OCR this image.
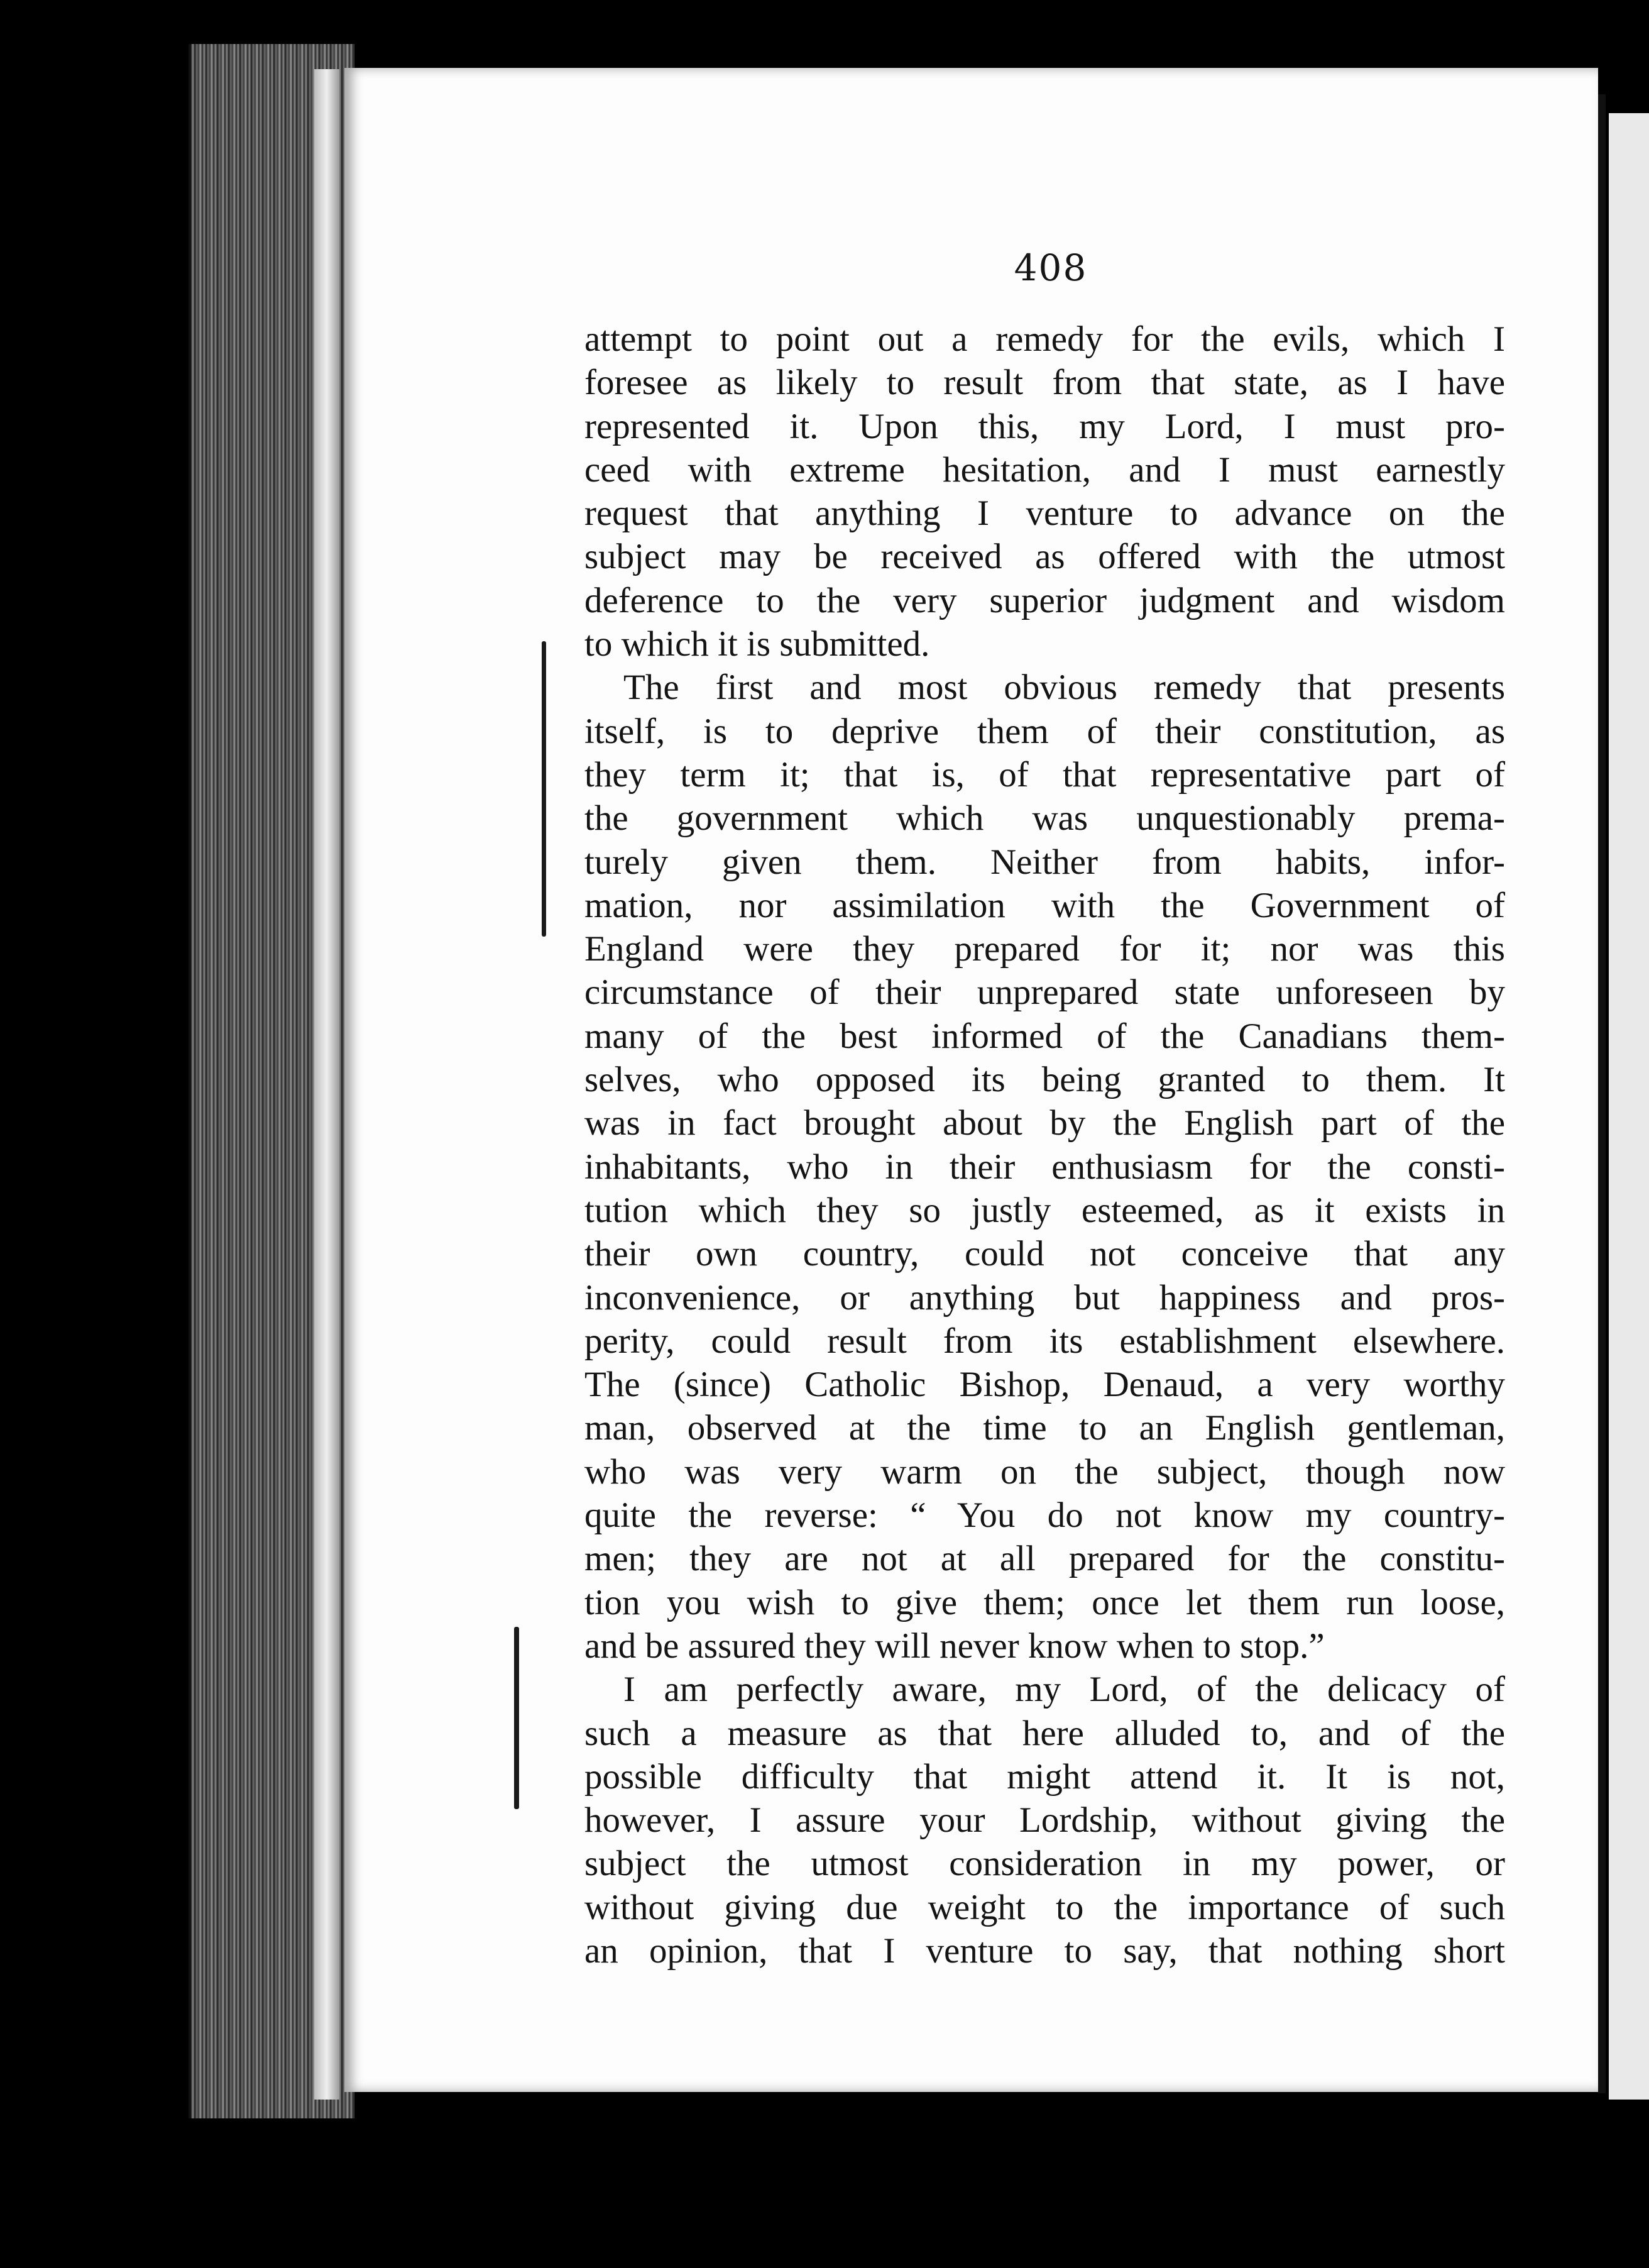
408
attempt to point out a remedy for the evils, which I
foresee as likely to result from that state, as I have
represented it. Upon this, my Lord, I must pro-
ceed with extreme hesitation, and I must earnestly
request that anything I venture to advance on the
subject may be received as offered with the utmost
deference to the very superior judgment and wisdom
to which it is submitted.
The first and most obvious remedy that presents
itself, is to deprive them of their constitution, as
they term it; that is, of that representative part of
the government which was unquestionably prema-
turely given them. Neither from habits, infor-
mation, nor assimilation with the Government of
England were they prepared for it; nor was this
circumstance of their unprepared state unforeseen by
many of the best informed of the Canadians them-
selves, who opposed its being granted to them. It
was in fact brought about by the English part of the
inhabitants, who in their enthusiasm for the consti-
tution which they so justly esteemed, as it exists in
their own country, could not conceive that any
inconvenience, or anything but happiness and pros-
perity, could result from its establishment elsewhere.
The (since) Catholic Bishop, Denaud, a very worthy
man, observed at the time to an English gentleman,
who was very warm on the subject, though now
quite the reverse: “ You do not know my country-
men; they are not at all prepared for the constitu-
tion you wish to give them; once let them run loose,
and be assured they will never know when to stop.”
I am perfectly aware, my Lord, of the delicacy of
such a measure as that here alluded to, and of the
possible difficulty that might attend it. It is not,
however, I assure your Lordship, without giving the
subject the utmost consideration in my power, or
without giving due weight to the importance of such
an opinion, that I venture to say, that nothing short
